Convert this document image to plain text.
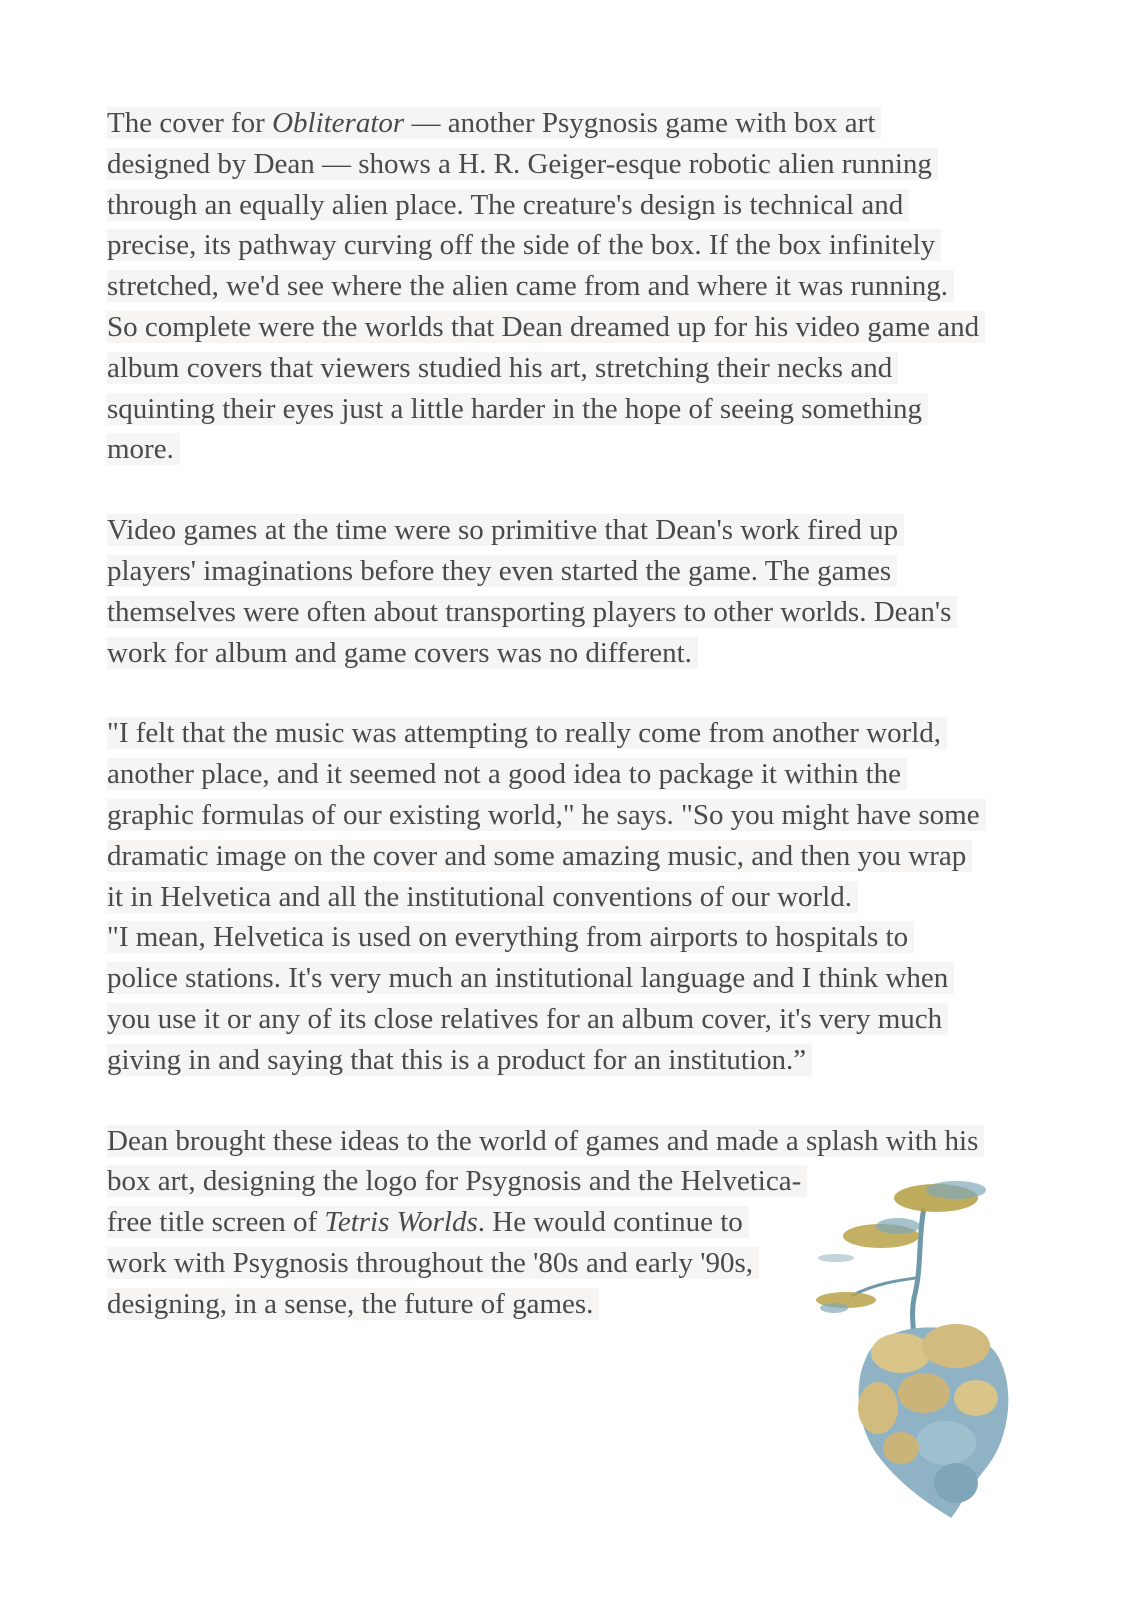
The cover for Obliterator — another Psygnosis game with box art
designed by Dean — shows a H. R. Geiger-esque robotic alien running
through an equally alien place. The creature's design is technical and
precise, its pathway curving off the side of the box. If the box infinitely
stretched, we'd see where the alien came from and where it was running.
So complete were the worlds that Dean dreamed up for his video game and
album covers that viewers studied his art, stretching their necks and
squinting their eyes just a little harder in the hope of seeing something
more.

Video games at the time were so primitive that Dean's work fired up
players' imaginations before they even started the game. The games
themselves were often about transporting players to other worlds. Dean's
work for album and game covers was no different.

"I felt that the music was attempting to really come from another world,
another place, and it seemed not a good idea to package it within the
graphic formulas of our existing world," he says. "So you might have some
dramatic image on the cover and some amazing music, and then you wrap
it in Helvetica and all the institutional conventions of our world.
"I mean, Helvetica is used on everything from airports to hospitals to
police stations. It's very much an institutional language and I think when
you use it or any of its close relatives for an album cover, it's very much
giving in and saying that this is a product for an institution.”

Dean brought these ideas to the world of games and made a splash with his
box art, designing the logo for Psygnosis and the Helvetica-
free title screen of Tetris Worlds. He would continue to
work with Psygnosis throughout the '80s and early '90s,
designing, in a sense, the future of games.
